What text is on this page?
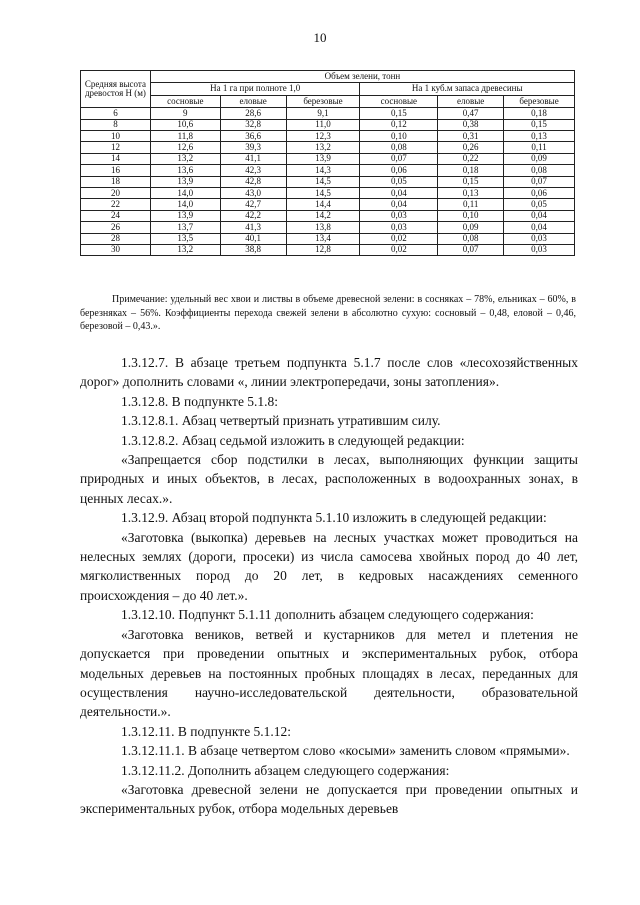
10
Средняя высота древостоя Н (м)	Объем зелени, тонн					
	На 1 га при полноте 1,0			На 1 куб.м запаса древесины		
	сосновые	еловые	березовые	сосновые	еловые	березовые
6	9	28,6	9,1	0,15	0,47	0,18
8	10,6	32,8	11,0	0,12	0,38	0,15
10	11,8	36,6	12,3	0,10	0,31	0,13
12	12,6	39,3	13,2	0,08	0,26	0,11
14	13,2	41,1	13,9	0,07	0,22	0,09
16	13,6	42,3	14,3	0,06	0,18	0,08
18	13,9	42,8	14,5	0,05	0,15	0,07
20	14,0	43,0	14,5	0,04	0,13	0,06
22	14,0	42,7	14,4	0,04	0,11	0,05
24	13,9	42,2	14,2	0,03	0,10	0,04
26	13,7	41,3	13,8	0,03	0,09	0,04
28	13,5	40,1	13,4	0,02	0,08	0,03
30	13,2	38,8	12,8	0,02	0,07	0,03
Примечание: удельный вес хвои и листвы в объеме древесной зелени: в сосняках – 78%, ельниках – 60%, в березняках – 56%. Коэффициенты перехода свежей зелени в абсолютно сухую: сосновый – 0,48, еловой – 0,46, березовой – 0,43.».

1.3.12.7. В абзаце третьем подпункта 5.1.7 после слов «лесохозяйственных дорог» дополнить словами «, линии электропередачи, зоны затопления».

1.3.12.8. В подпункте 5.1.8:

1.3.12.8.1. Абзац четвертый признать утратившим силу.

1.3.12.8.2. Абзац седьмой изложить в следующей редакции:

«Запрещается сбор подстилки в лесах, выполняющих функции защиты природных и иных объектов, в лесах, расположенных в водоохранных зонах, в ценных лесах.».

1.3.12.9. Абзац второй подпункта 5.1.10 изложить в следующей редакции:

«Заготовка (выкопка) деревьев на лесных участках может проводиться на нелесных землях (дороги, просеки) из числа самосева хвойных пород до 40 лет, мягколиственных пород до 20 лет, в кедровых насаждениях семенного происхождения – до 40 лет.».

1.3.12.10. Подпункт 5.1.11 дополнить абзацем следующего содержания:

«Заготовка веников, ветвей и кустарников для метел и плетения не допускается при проведении опытных и экспериментальных рубок, отбора модельных деревьев на постоянных пробных площадях в лесах, переданных для осуществления научно-исследовательской деятельности, образовательной деятельности.».

1.3.12.11. В подпункте 5.1.12:

1.3.12.11.1. В абзаце четвертом слово «косыми» заменить словом «прямыми».

1.3.12.11.2. Дополнить абзацем следующего содержания:

«Заготовка древесной зелени не допускается при проведении опытных и экспериментальных рубок, отбора модельных деревьев
